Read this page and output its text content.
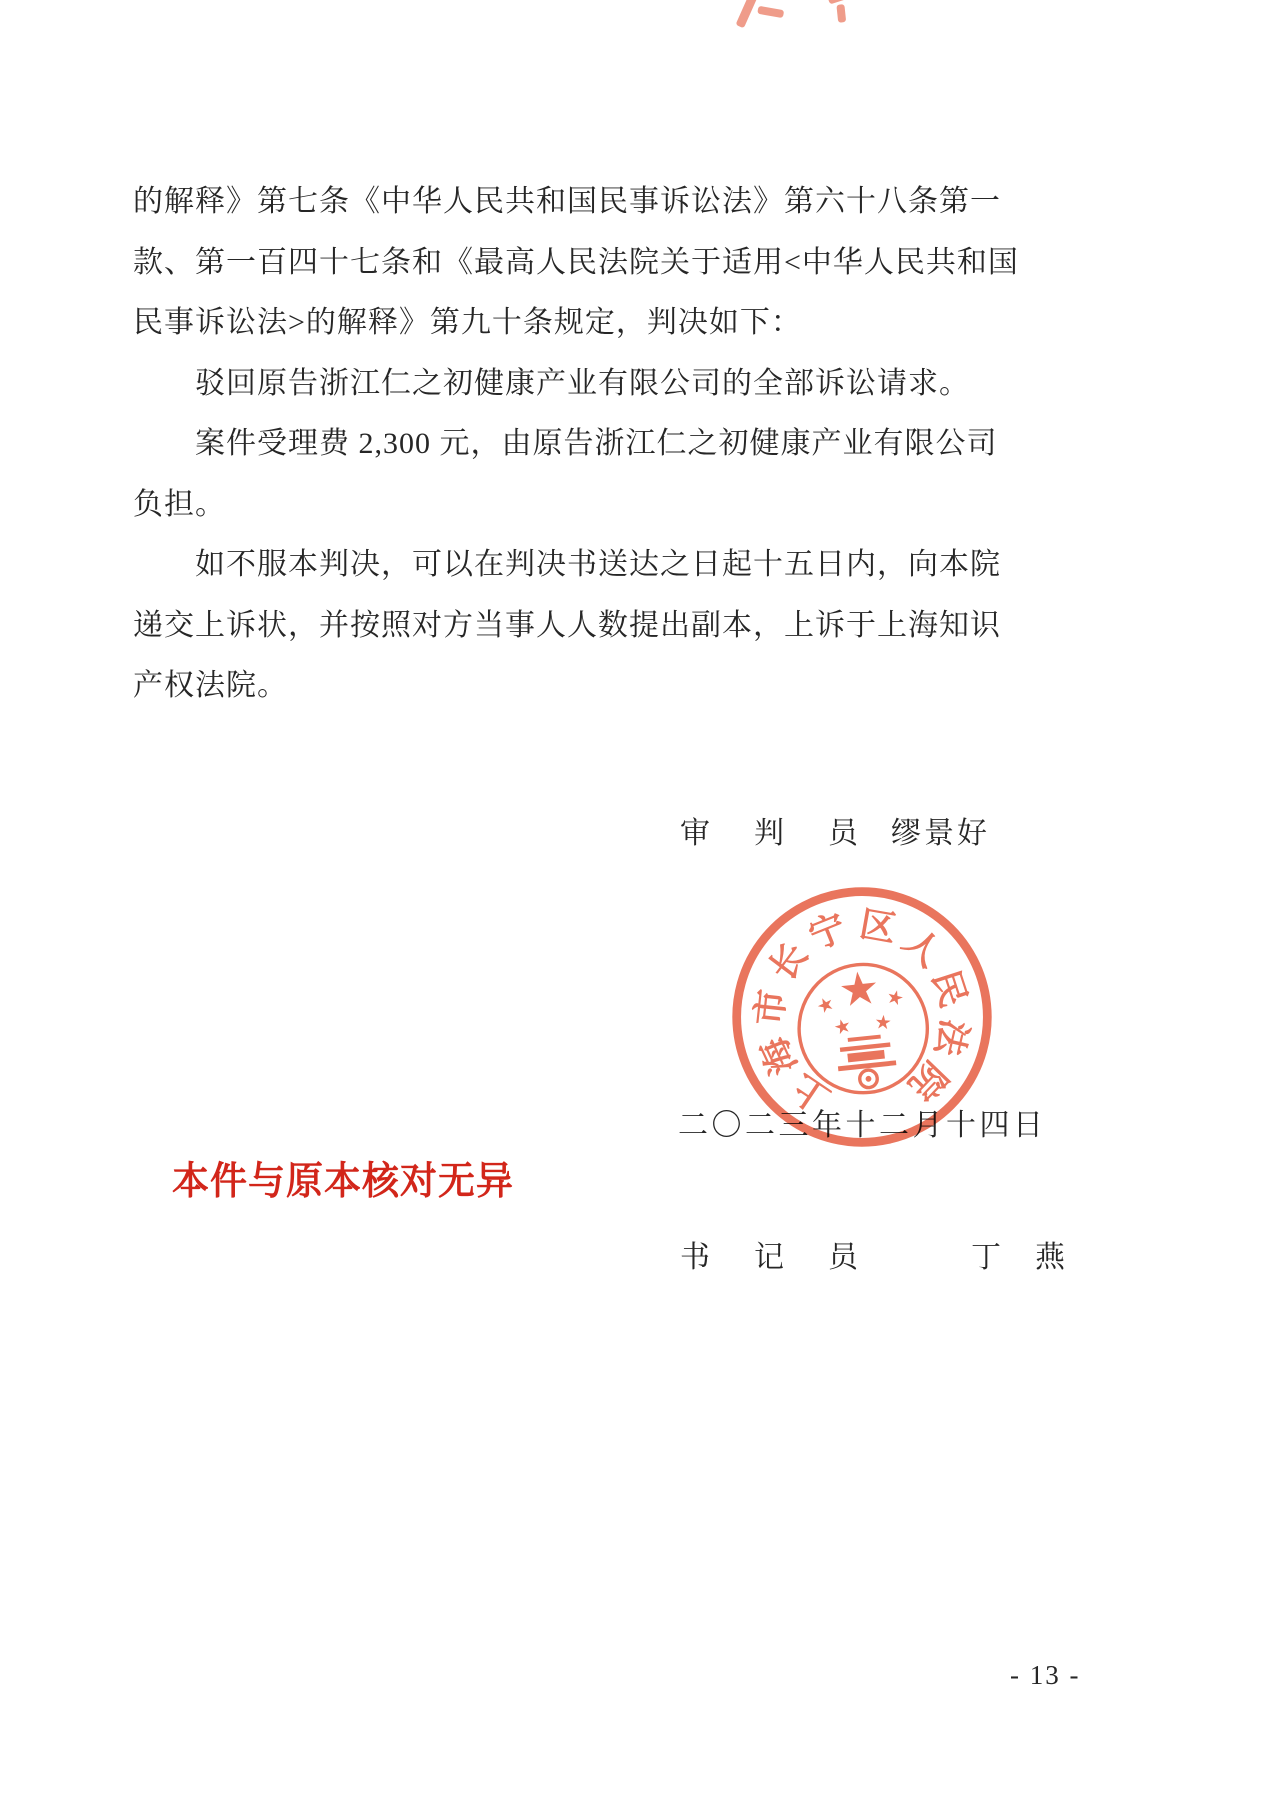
的解释》第七条《中华人民共和国民事诉讼法》第六十八条第一
款、第一百四十七条和《最高人民法院关于适用<中华人民共和国
民事诉讼法>的解释》第九十条规定，判决如下：
驳回原告浙江仁之初健康产业有限公司的全部诉讼请求。
案件受理费 2,300 元，由原告浙江仁之初健康产业有限公司
负担。
如不服本判决，可以在判决书送达之日起十五日内，向本院
递交上诉状，并按照对方当事人人数提出副本，上诉于上海知识
产权法院。
审　判　员 缪景好
二〇二三年十二月十四日
上
海
市
长
宁 区
人
民
法
院
本件与原本核对无异
书　记　员	丁　燕
- 13 -
